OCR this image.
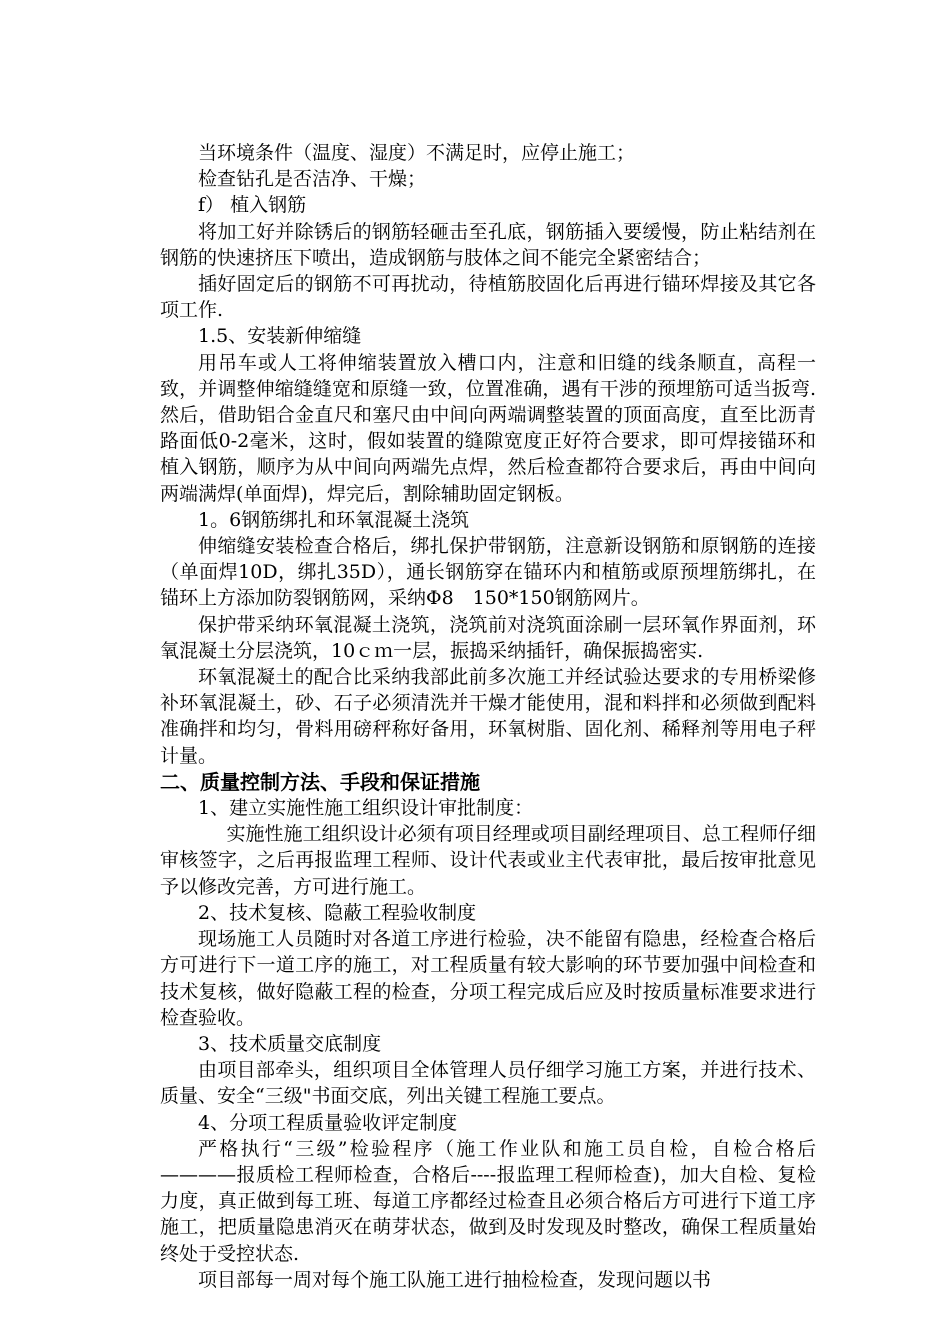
当环境条件（温度、湿度）不满足时，应停止施工；

检查钻孔是否洁净、干燥；

f） 植入钢筋

将加工好并除锈后的钢筋轻砸击至孔底，钢筋插入要缓慢，防止粘结剂在钢筋的快速挤压下喷出，造成钢筋与肢体之间不能完全紧密结合；

插好固定后的钢筋不可再扰动，待植筋胶固化后再进行锚环焊接及其它各项工作.

1.5、安装新伸缩缝

用吊车或人工将伸缩装置放入槽口内，注意和旧缝的线条顺直，高程一致，并调整伸缩缝缝宽和原缝一致，位置准确，遇有干涉的预埋筋可适当扳弯.然后，借助铝合金直尺和塞尺由中间向两端调整装置的顶面高度，直至比沥青路面低0-2毫米，这时，假如装置的缝隙宽度正好符合要求，即可焊接锚环和植入钢筋，顺序为从中间向两端先点焊，然后检查都符合要求后，再由中间向两端满焊(单面焊)，焊完后，割除辅助固定钢板。

1。6钢筋绑扎和环氧混凝土浇筑

伸缩缝安装检查合格后，绑扎保护带钢筋，注意新设钢筋和原钢筋的连接（单面焊10D，绑扎35D），通长钢筋穿在锚环内和植筋或原预埋筋绑扎，在锚环上方添加防裂钢筋网，采纳Φ8　150*150钢筋网片。

保护带采纳环氧混凝土浇筑，浇筑前对浇筑面涂刷一层环氧作界面剂，环氧混凝土分层浇筑，10ｃｍ一层，振捣采纳插钎，确保振捣密实.

环氧混凝土的配合比采纳我部此前多次施工并经试验达要求的专用桥梁修补环氧混凝土，砂、石子必须清洗并干燥才能使用，混和料拌和必须做到配料准确拌和均匀，骨料用磅秤称好备用，环氧树脂、固化剂、稀释剂等用电子秤计量。

二、质量控制方法、手段和保证措施

1、建立实施性施工组织设计审批制度：

实施性施工组织设计必须有项目经理或项目副经理项目、总工程师仔细审核签字，之后再报监理工程师、设计代表或业主代表审批，最后按审批意见予以修改完善，方可进行施工。

2、技术复核、隐蔽工程验收制度

现场施工人员随时对各道工序进行检验，决不能留有隐患，经检查合格后方可进行下一道工序的施工，对工程质量有较大影响的环节要加强中间检查和技术复核，做好隐蔽工程的检查，分项工程完成后应及时按质量标准要求进行检查验收。

3、技术质量交底制度

由项目部牵头，组织项目全体管理人员仔细学习施工方案，并进行技术、质量、安全“三级"书面交底，列出关键工程施工要点。

4、分项工程质量验收评定制度

严格执行“三级”检验程序（施工作业队和施工员自检，自检合格后————报质检工程师检查，合格后----报监理工程师检查)，加大自检、复检力度，真正做到每工班、每道工序都经过检查且必须合格后方可进行下道工序施工，把质量隐患消灭在萌芽状态，做到及时发现及时整改，确保工程质量始终处于受控状态.

项目部每一周对每个施工队施工进行抽检检查，发现问题以书
